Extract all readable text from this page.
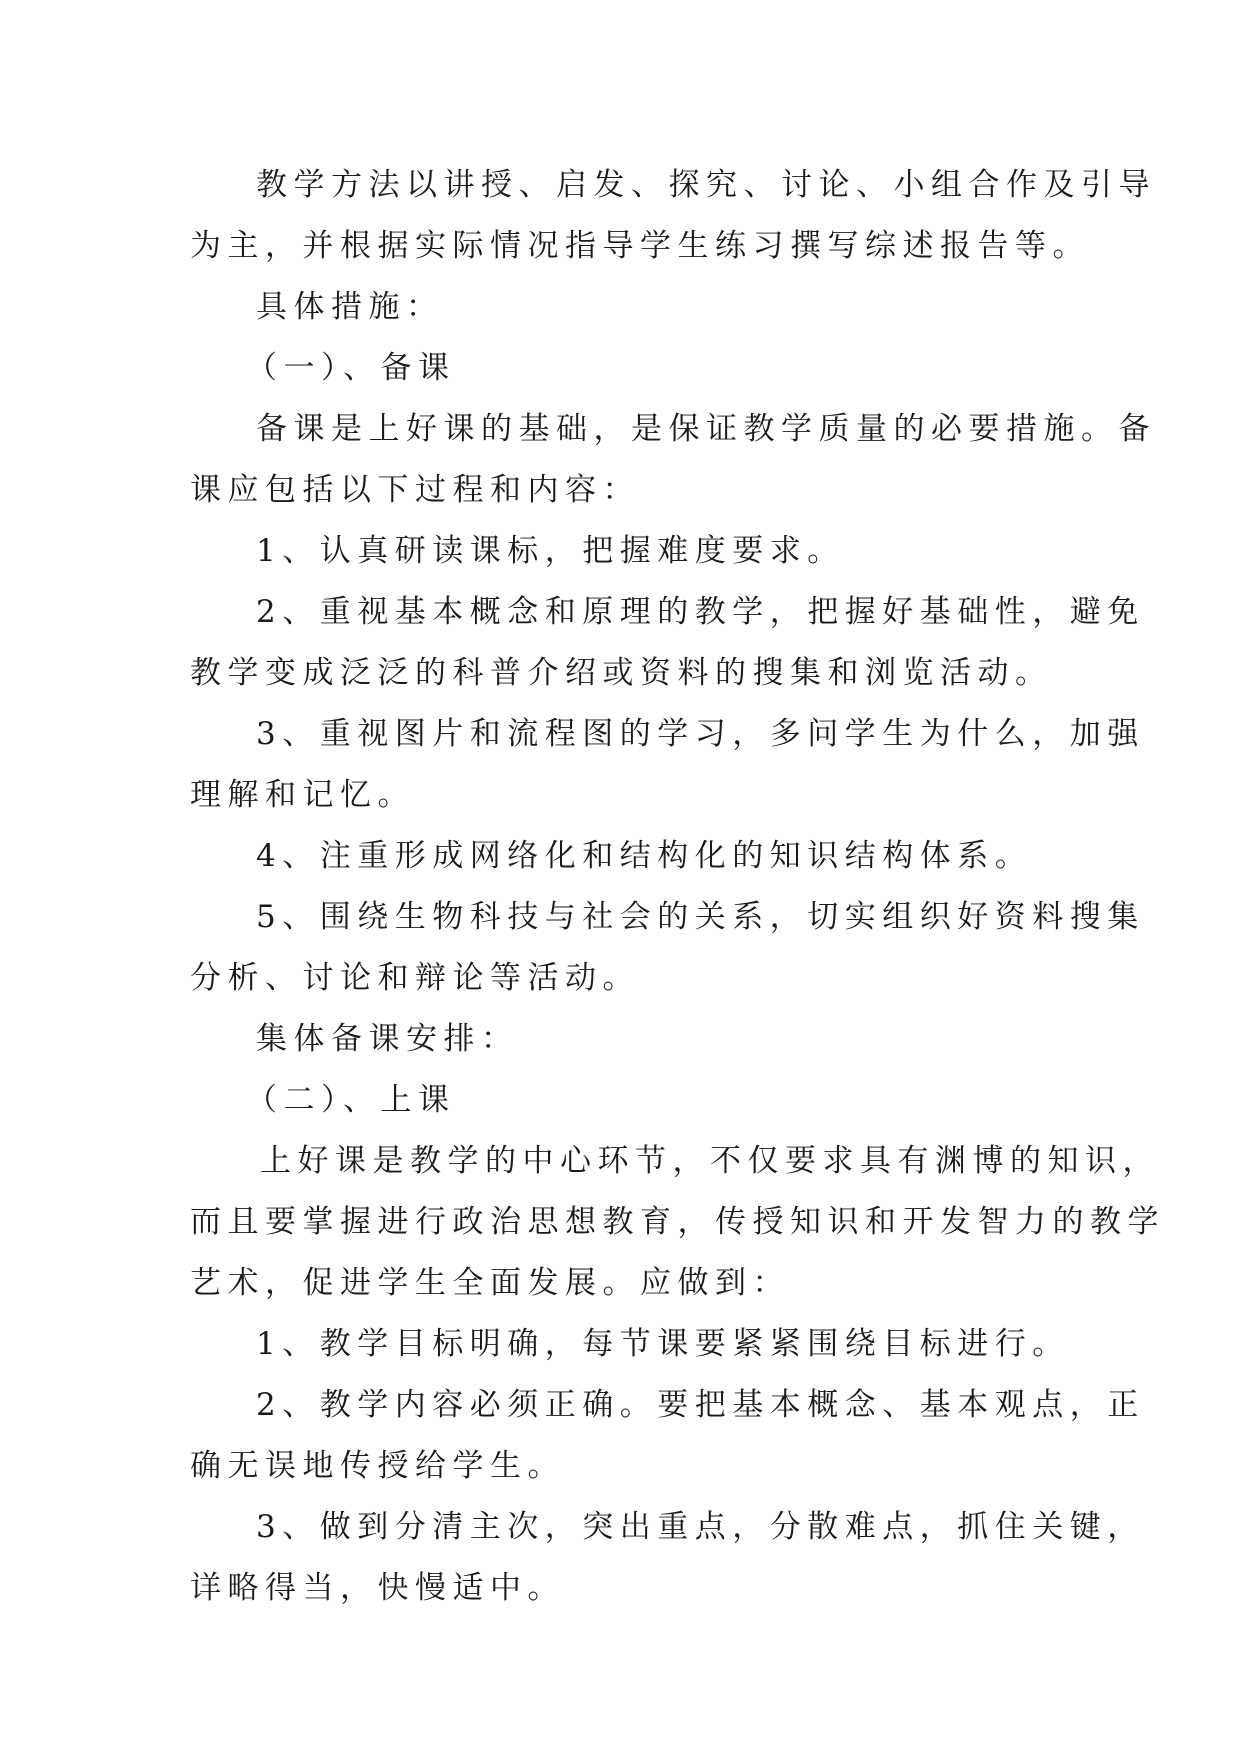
教学方法以讲授、启发、探究、讨论、小组合作及引导
为主，并根据实际情况指导学生练习撰写综述报告等。
具体措施：
（一）、备课
备课是上好课的基础，是保证教学质量的必要措施。备
课应包括以下过程和内容：
1、认真研读课标，把握难度要求。
2、重视基本概念和原理的教学，把握好基础性，避免
教学变成泛泛的科普介绍或资料的搜集和浏览活动。
3、重视图片和流程图的学习，多问学生为什么，加强
理解和记忆。
4、注重形成网络化和结构化的知识结构体系。
5、围绕生物科技与社会的关系，切实组织好资料搜集
分析、讨论和辩论等活动。
集体备课安排：
（二）、上课
上好课是教学的中心环节，不仅要求具有渊博的知识，
而且要掌握进行政治思想教育，传授知识和开发智力的教学
艺术，促进学生全面发展。应做到：
1、教学目标明确，每节课要紧紧围绕目标进行。
2、教学内容必须正确。要把基本概念、基本观点，正
确无误地传授给学生。
3、做到分清主次，突出重点，分散难点，抓住关键，
详略得当，快慢适中。
